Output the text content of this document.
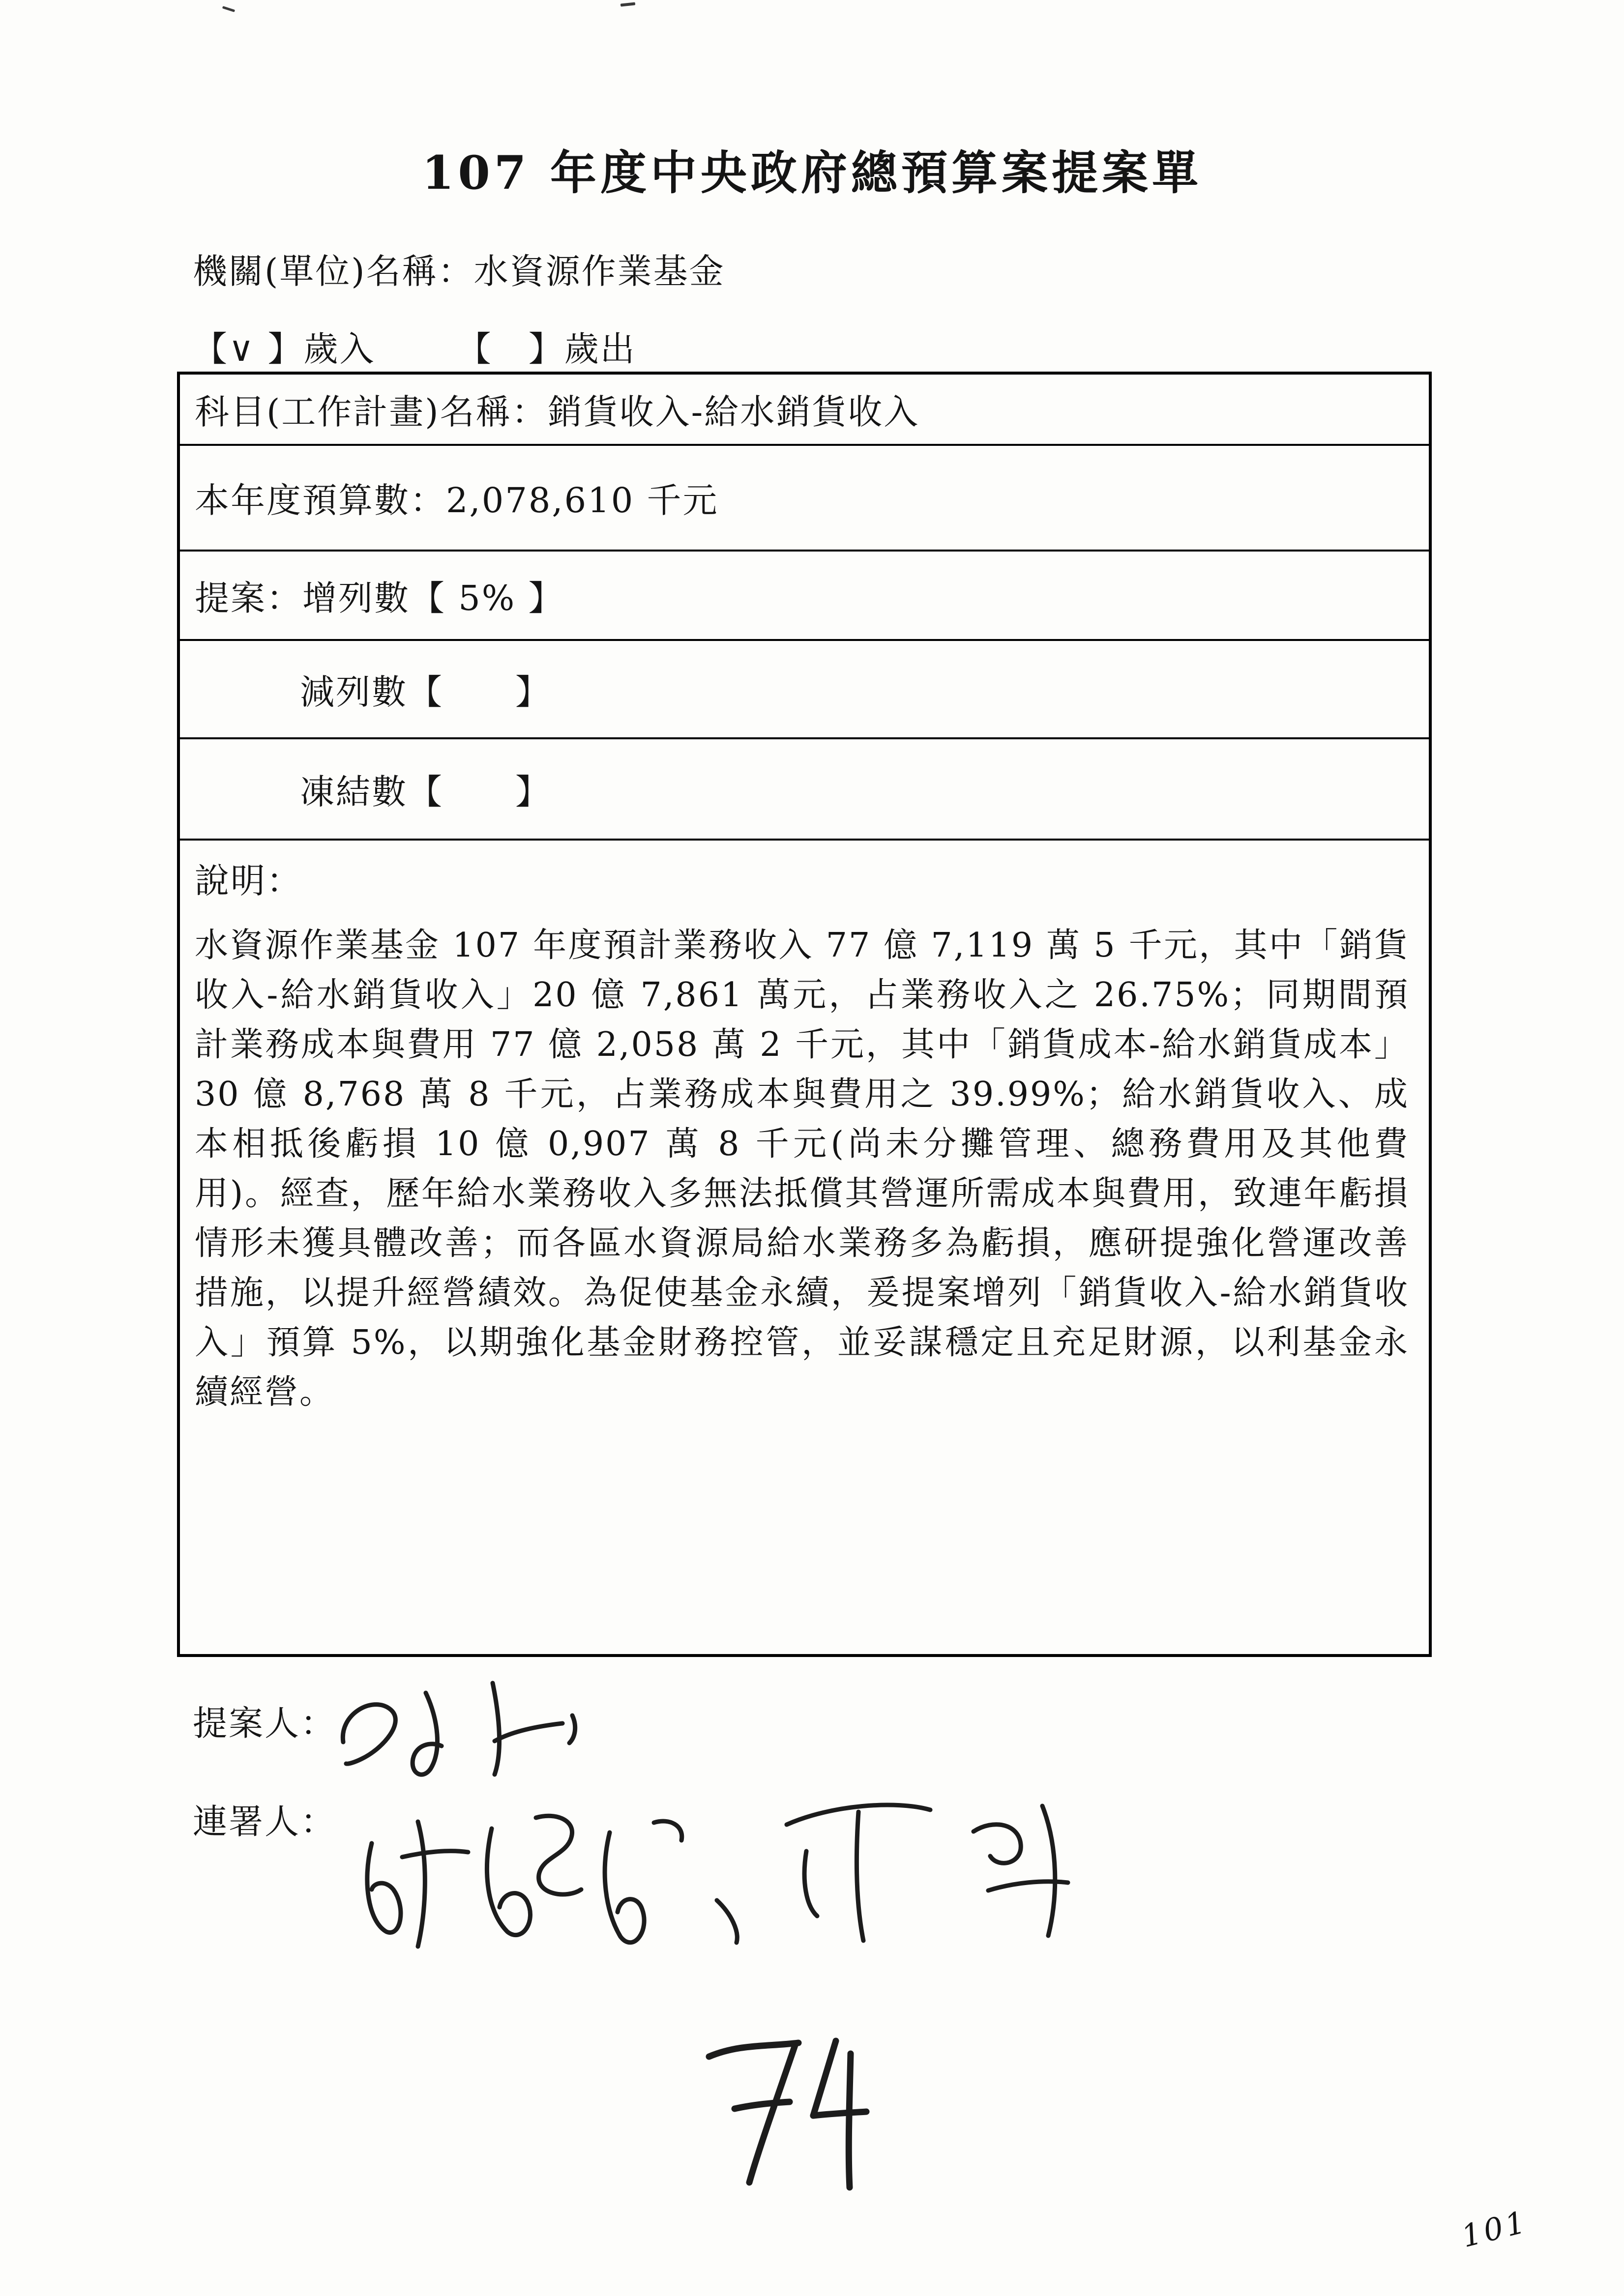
107 年度中央政府總預算案提案單
機關(單位)名稱：水資源作業基金
【∨ 】歲入 【　】歲出
科目(工作計畫)名稱：銷貨收入-給水銷貨收入
本年度預算數：2,078,610 千元
提案：增列數【 5% 】
減列數【　　】
凍結數【　　】
說明：
水資源作業基金 107 年度預計業務收入 77 億 7,119 萬 5 千元，其中「銷貨收入-給水銷貨收入」20 億 7,861 萬元，占業務收入之 26.75%；同期間預計業務成本與費用 77 億 2,058 萬 2 千元，其中「銷貨成本-給水銷貨成本」30 億 8,768 萬 8 千元，占業務成本與費用之 39.99%；給水銷貨收入、成本相抵後虧損 10 億 0,907 萬 8 千元(尚未分攤管理、總務費用及其他費用)。經查，歷年給水業務收入多無法抵償其營運所需成本與費用，致連年虧損情形未獲具體改善；而各區水資源局給水業務多為虧損，應研提強化營運改善措施，以提升經營績效。為促使基金永續，爰提案增列「銷貨收入-給水銷貨收入」預算 5%，以期強化基金財務控管，並妥謀穩定且充足財源，以利基金永續經營。
提案人：
連署人：
101
